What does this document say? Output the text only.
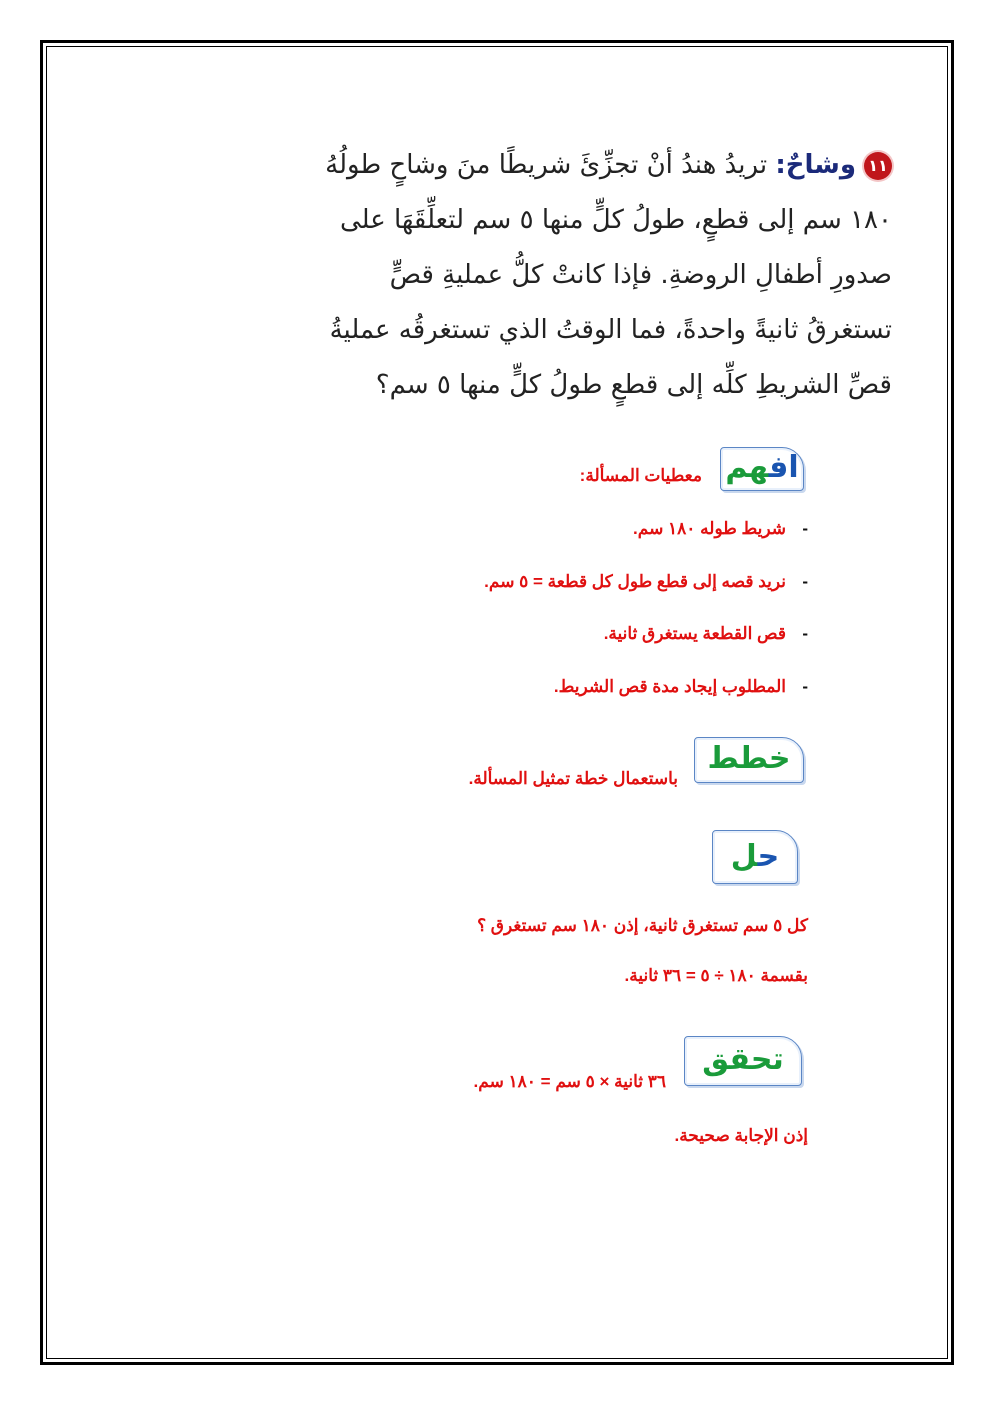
١١وشاحٌ: تريدُ هندُ أنْ تجزِّئَ شريطًا منَ وشاحٍ طولُهُ
١٨٠ سم إلى قطعٍ، طولُ كلٍّ منها ٥ سم لتعلِّقَهَا على
صدورِ أطفالِ الروضةِ. فإذا كانتْ كلُّ عمليةِ قصٍّ
تستغرقُ ثانيةً واحدةً، فما الوقتُ الذي تستغرقُه عمليةُ
قصِّ الشريطِ كلِّه إلى قطعٍ طولُ كلٍّ منها ٥ سم؟
افهم
معطيات المسألة:
-شريط طوله ١٨٠ سم.
-نريد قصه إلى قطع طول كل قطعة = ٥ سم.
-قص القطعة يستغرق ثانية.
-المطلوب إيجاد مدة قص الشريط.
خطط
باستعمال خطة تمثيل المسألة.
حل
كل ٥ سم تستغرق ثانية، إذن ١٨٠ سم تستغرق ؟
بقسمة ١٨٠ ÷ ٥ = ٣٦ ثانية.
تحقق
٣٦ ثانية × ٥ سم = ١٨٠ سم.
إذن الإجابة صحيحة.
